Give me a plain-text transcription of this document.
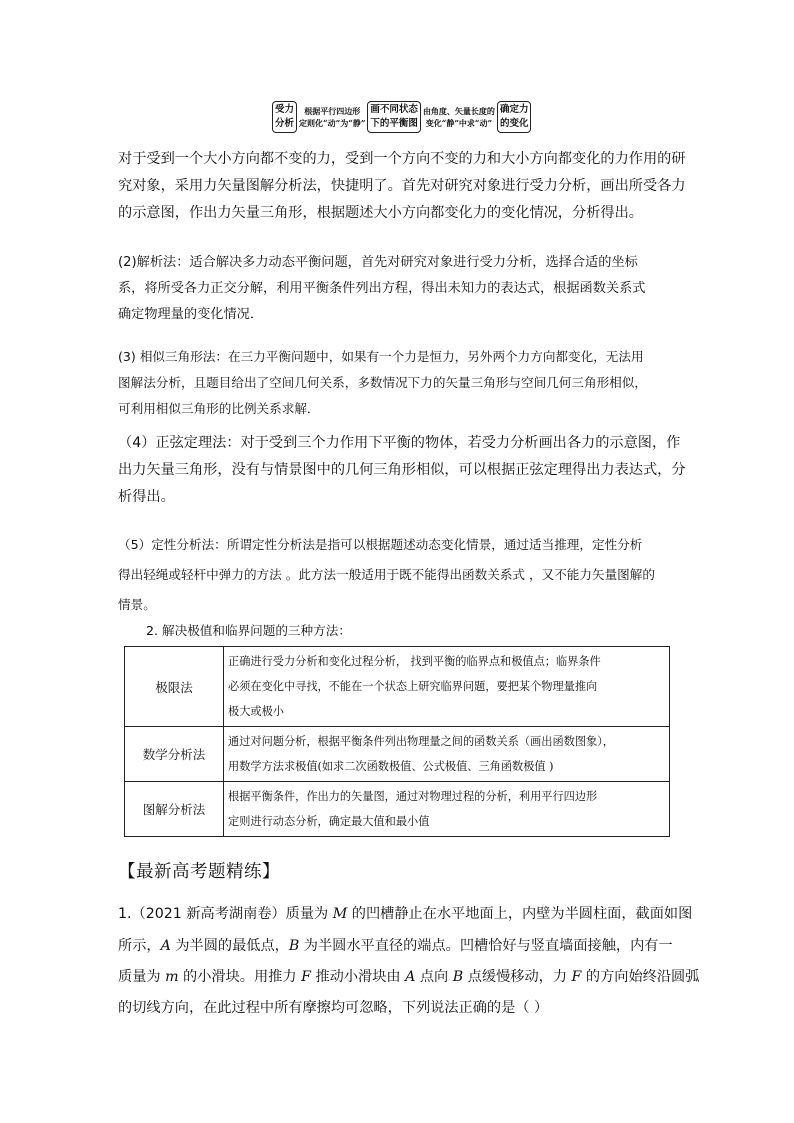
受力
分析
根据平行四边形
定则化“动”为“静”
画不同状态
下的平衡图
由角度、矢量长度的
变化“静”中求“动”
确定力
的变化
对于受到一个大小方向都不变的力，受到一个方向不变的力和大小方向都变化的力作用的研
究对象，采用力矢量图解分析法，快捷明了。首先对研究对象进行受力分析，画出所受各力
的示意图，作出力矢量三角形，根据题述大小方向都变化力的变化情况，分析得出。
(2)解析法：适合解决多力动态平衡问题，首先对研究对象进行受力分析，选择合适的坐标
系，将所受各力正交分解，利用平衡条件列出方程，得出未知力的表达式，根据函数关系式
确定物理量的变化情况．
(3) 相似三角形法：在三力平衡问题中，如果有一个力是恒力，另外两个力方向都变化，无法用
图解法分析，且题目给出了空间几何关系，多数情况下力的矢量三角形与空间几何三角形相似，
可利用相似三角形的比例关系求解．
（4）正弦定理法：对于受到三个力作用下平衡的物体，若受力分析画出各力的示意图，作
出力矢量三角形，没有与情景图中的几何三角形相似，可以根据正弦定理得出力表达式，分
析得出。
（5）定性分析法：所谓定性分析法是指可以根据题述动态变化情景，通过适当推理，定性分析
得出轻绳或轻杆中弹力的方法 。此方法一般适用于既不能得出函数关系式 ，又不能力矢量图解的
情景。
2. 解决极值和临界问题的三种方法：
极限法	正确进行受力分析和变化过程分析， 找到平衡的临界点和极值点；临界条件
必须在变化中寻找，不能在一个状态上研究临界问题，要把某个物理量推向
极大或极小

数学分析法	通过对问题分析，根据平衡条件列出物理量之间的函数关系（画出函数图象），
用数学方法求极值(如求二次函数极值、公式极值、三角函数极值 )

图解分析法	根据平衡条件，作出力的矢量图，通过对物理过程的分析，利用平行四边形
定则进行动态分析，确定最大值和最小值
【最新高考题精练】
1.（2021 新高考湖南卷）质量为 M 的凹槽静止在水平地面上，内壁为半圆柱面，截面如图
所示，A 为半圆的最低点，B 为半圆水平直径的端点。凹槽恰好与竖直墙面接触，内有一
质量为 m 的小滑块。用推力 F 推动小滑块由 A 点向 B 点缓慢移动，力 F 的方向始终沿圆弧
的切线方向，在此过程中所有摩擦均可忽略，下列说法正确的是（ ）
